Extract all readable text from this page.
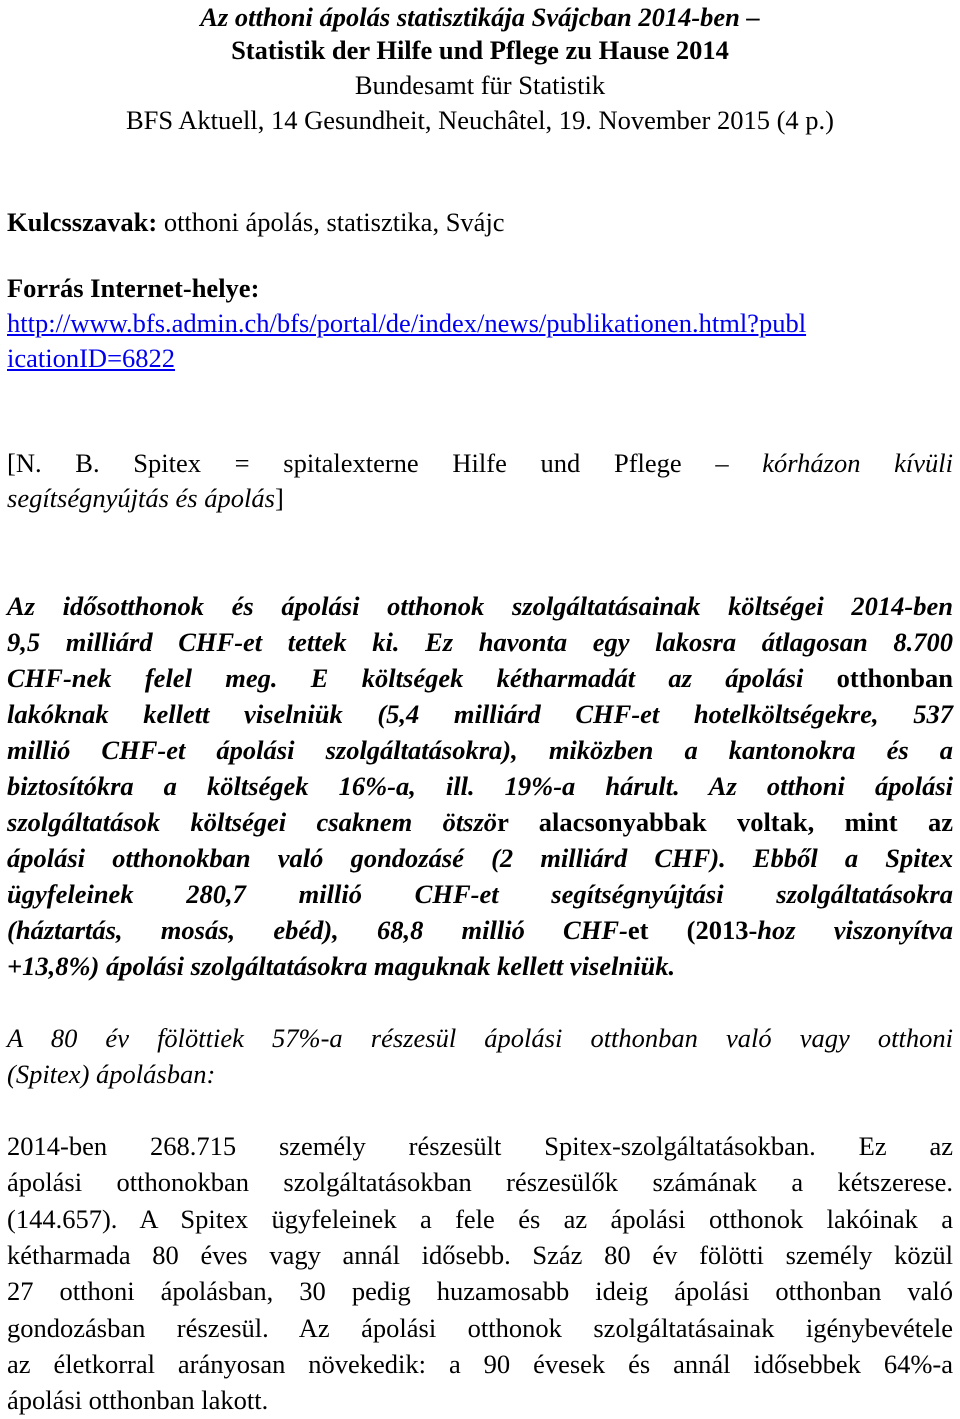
Az otthoni ápolás statisztikája Svájcban 2014-ben –
Statistik der Hilfe und Pflege zu Hause 2014
Bundesamt für Statistik
BFS Aktuell, 14 Gesundheit, Neuchâtel, 19. November 2015 (4 p.)
Kulcsszavak: otthoni ápolás, statisztika, Svájc
Forrás Internet-helye:
http://www.bfs.admin.ch/bfs/portal/de/index/news/publikationen.html?publ
icationID=6822
[N. B. Spitex = spitalexterne Hilfe und Pflege – kórházon kívüli
segítségnyújtás és ápolás]
Az idősotthonok és ápolási otthonok szolgáltatásainak költségei 2014-ben
9,5 milliárd CHF-et tettek ki. Ez havonta egy lakosra átlagosan 8.700
CHF-nek felel meg. E költségek kétharmadát az ápolási otthonban
lakóknak kellett viselniük (5,4 milliárd CHF-et hotelköltségekre, 537
millió CHF-et ápolási szolgáltatásokra), miközben a kantonokra és a
biztosítókra a költségek 16%-a, ill. 19%-a hárult. Az otthoni ápolási
szolgáltatások költségei csaknem ötször alacsonyabbak voltak, mint az
ápolási otthonokban való gondozásé (2 milliárd CHF). Ebből a Spitex
ügyfeleinek 280,7 millió CHF-et segítségnyújtási szolgáltatásokra
(háztartás, mosás, ebéd), 68,8 millió CHF-et (2013-hoz viszonyítva
+13,8%) ápolási szolgáltatásokra maguknak kellett viselniük.
A 80 év fölöttiek 57%-a részesül ápolási otthonban való vagy otthoni
(Spitex) ápolásban:
2014-ben 268.715 személy részesült Spitex-szolgáltatásokban. Ez az
ápolási otthonokban szolgáltatásokban részesülők számának a kétszerese.
(144.657). A Spitex ügyfeleinek a fele és az ápolási otthonok lakóinak a
kétharmada 80 éves vagy annál idősebb. Száz 80 év fölötti személy közül
27 otthoni ápolásban, 30 pedig huzamosabb ideig ápolási otthonban való
gondozásban részesül. Az ápolási otthonok szolgáltatásainak igénybevétele
az életkorral arányosan növekedik: a 90 évesek és annál idősebbek 64%-a
ápolási otthonban lakott.
